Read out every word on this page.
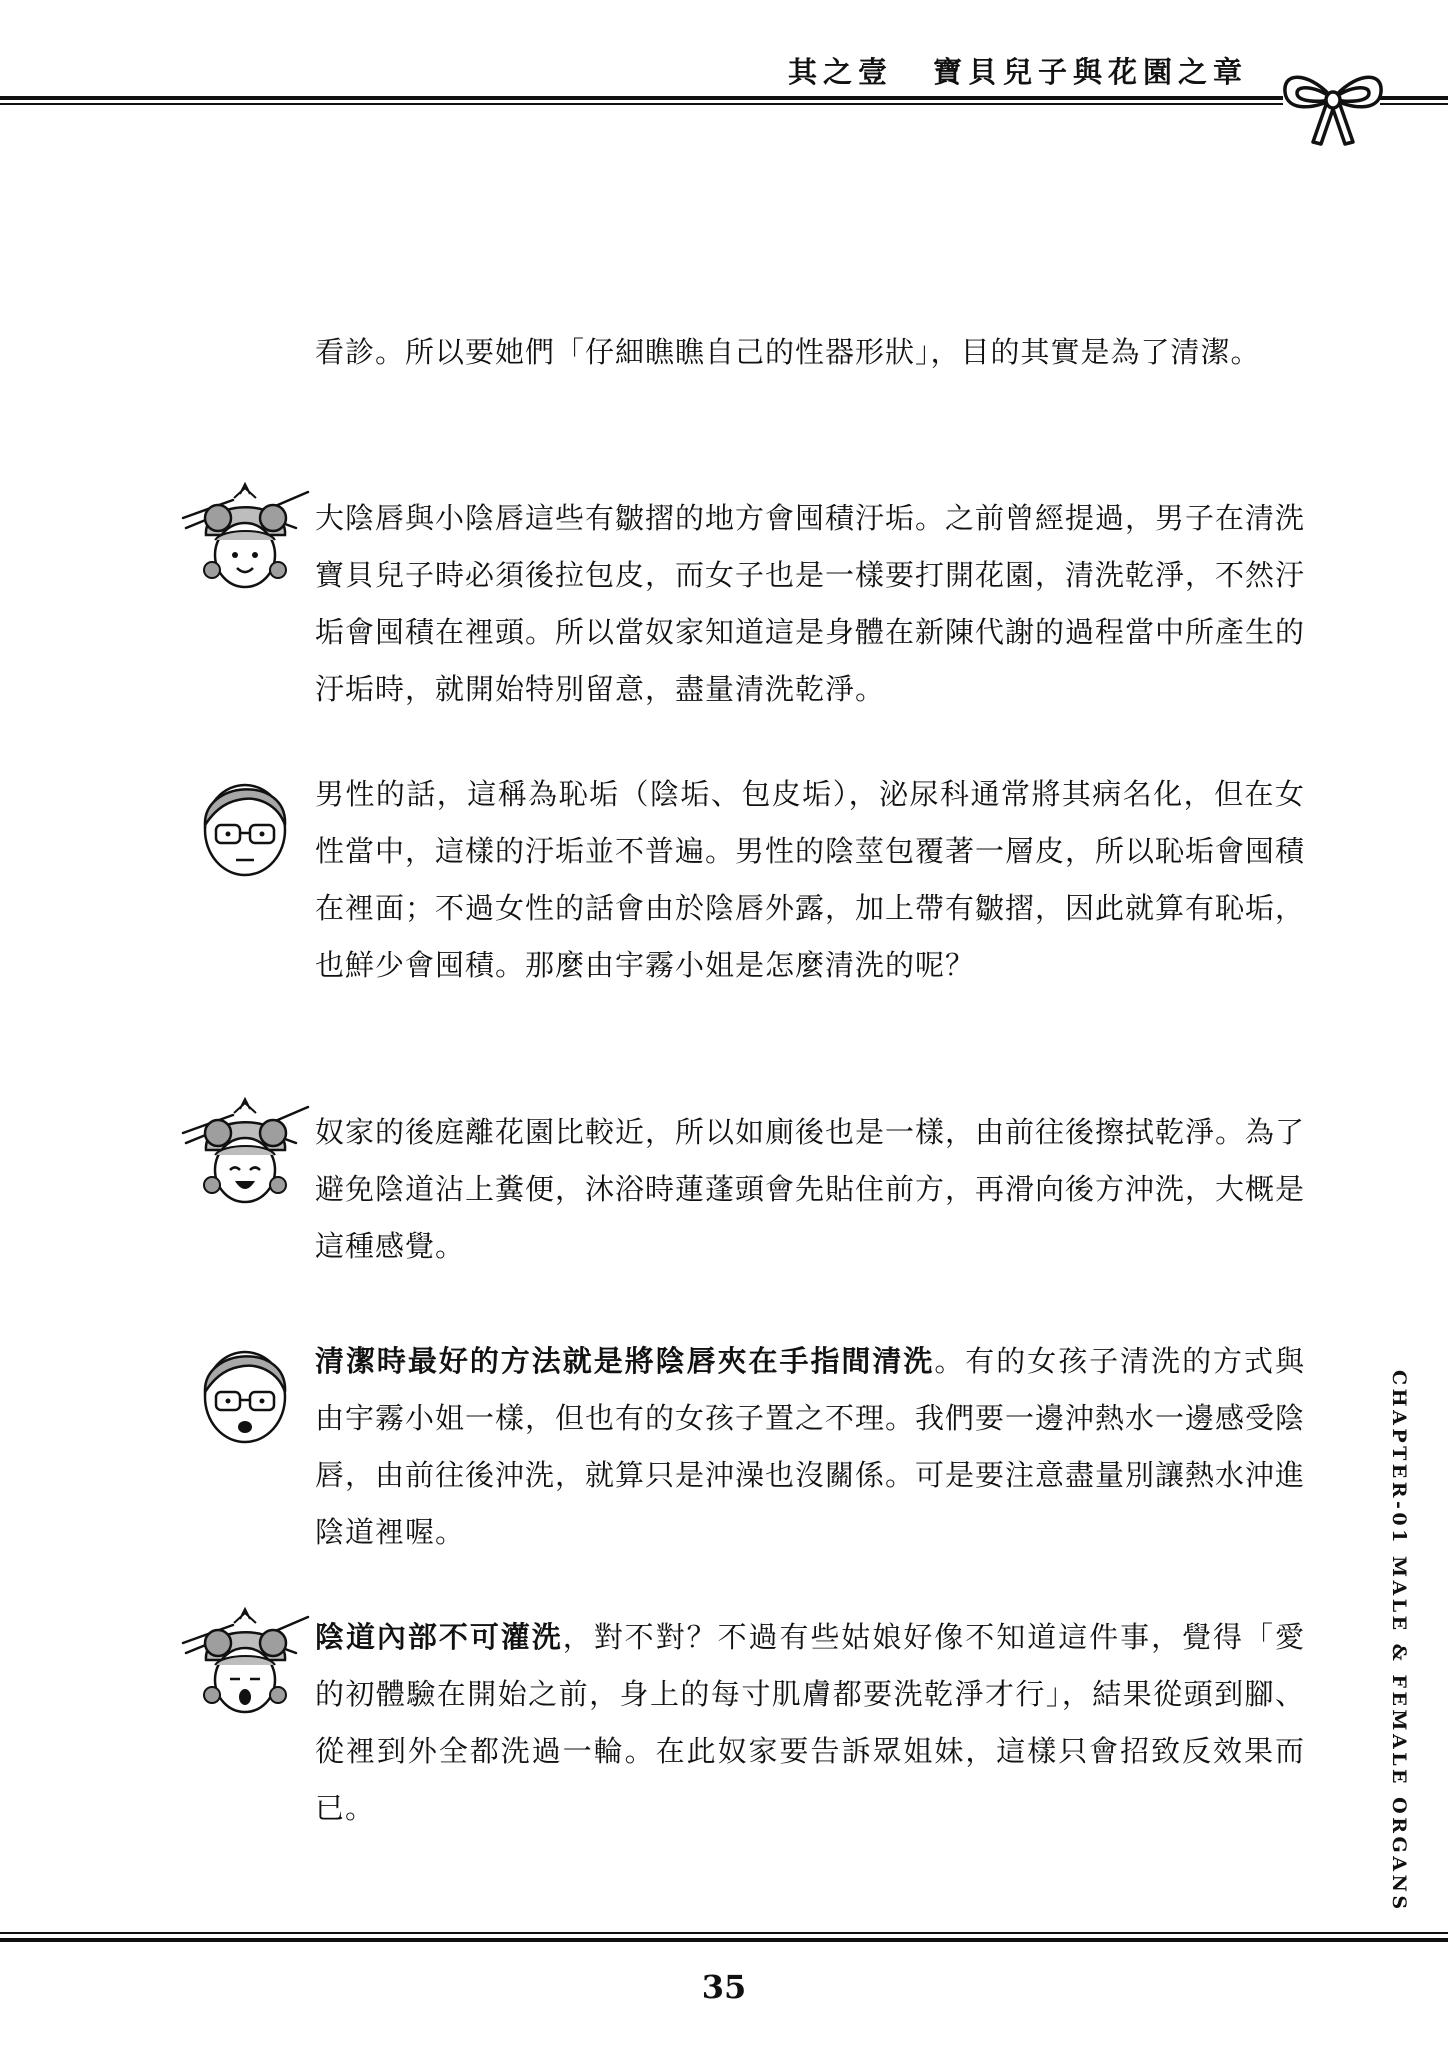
其之壹 寶貝兒子與花園之章

看診。所以要她們「仔細瞧瞧自己的性器形狀」，目的其實是為了清潔。

大陰唇與小陰唇這些有皺摺的地方會囤積汙垢。之前曾經提過，男子在清洗寶貝兒子時必須後拉包皮，而女子也是一樣要打開花園，清洗乾淨，不然汙垢會囤積在裡頭。所以當奴家知道這是身體在新陳代謝的過程當中所產生的汙垢時，就開始特別留意，盡量清洗乾淨。

男性的話，這稱為恥垢（陰垢、包皮垢），泌尿科通常將其病名化，但在女性當中，這樣的汙垢並不普遍。男性的陰莖包覆著一層皮，所以恥垢會囤積在裡面；不過女性的話會由於陰唇外露，加上帶有皺摺，因此就算有恥垢，也鮮少會囤積。那麼由宇霧小姐是怎麼清洗的呢？

奴家的後庭離花園比較近，所以如廁後也是一樣，由前往後擦拭乾淨。為了避免陰道沾上糞便，沐浴時蓮蓬頭會先貼住前方，再滑向後方沖洗，大概是這種感覺。

清潔時最好的方法就是將陰唇夾在手指間清洗。有的女孩子清洗的方式與由宇霧小姐一樣，但也有的女孩子置之不理。我們要一邊沖熱水一邊感受陰唇，由前往後沖洗，就算只是沖澡也沒關係。可是要注意盡量別讓熱水沖進陰道裡喔。

陰道內部不可灌洗，對不對？不過有些姑娘好像不知道這件事，覺得「愛的初體驗在開始之前，身上的每寸肌膚都要洗乾淨才行」，結果從頭到腳、從裡到外全都洗過一輪。在此奴家要告訴眾姐妹，這樣只會招致反效果而已。	CHAPTER-01 MALE & FEMALE ORGANS
35
